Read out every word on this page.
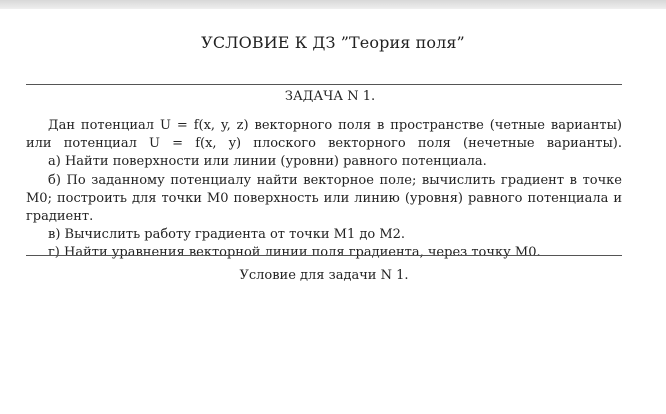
УСЛОВИЕ К ДЗ ”Теория поля”
ЗАДАЧА N 1.

Дан потенциал U = f(x, y, z) векторного поля в пространстве (четные варианты) или потенциал U = f(x, y) плоского векторного поля (нечетные варианты).

а) Найти поверхности или линии (уровни) равного потенциала.

б) По заданному потенциалу найти векторное поле; вычислить градиент в точке M0; построить для точки M0 поверхность или линию (уровня) равного потенциала и градиент.

в) Вычислить работу градиента от точки M1 до M2.

г) Найти уравнения векторной линии поля градиента, через точку M0.

Условие для задачи N 1.
